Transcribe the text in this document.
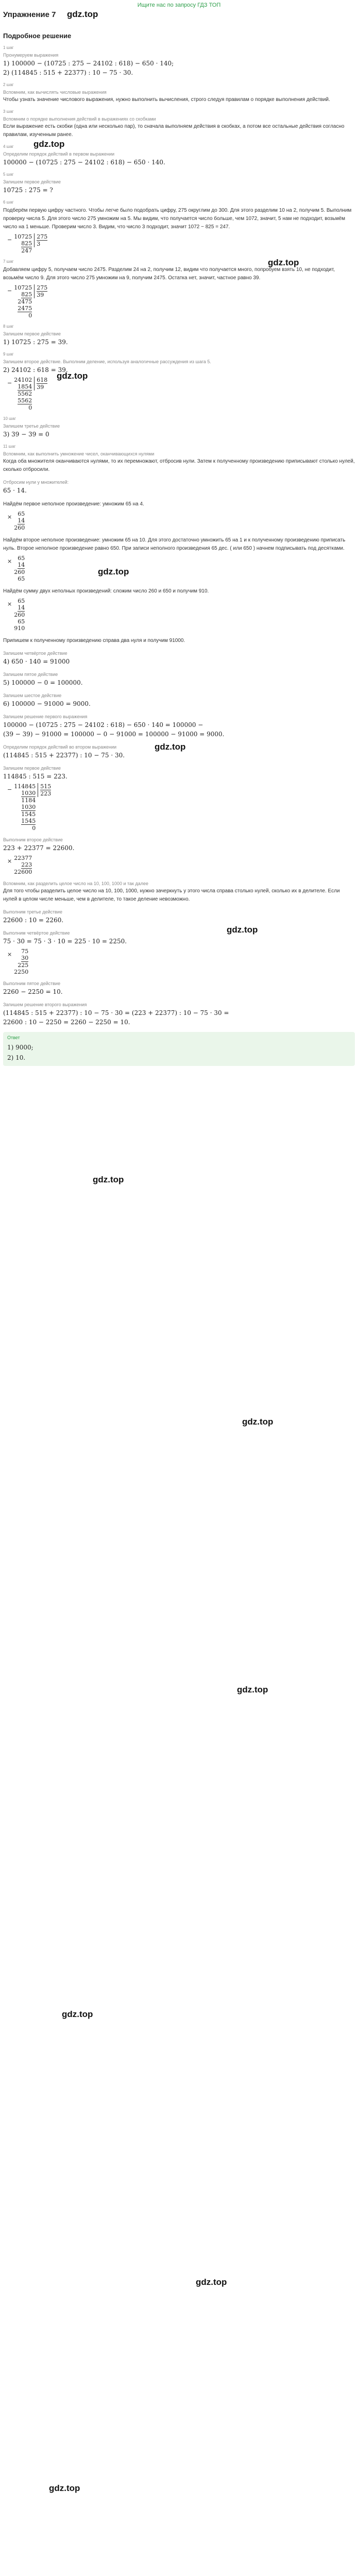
Ищите нас по запросу ГДЗ ТОП
Упражнение 7
Подробное решение
gdz.top
gdz.top
gdz.top
gdz.top
gdz.top
gdz.top
gdz.top
gdz.top
gdz.top
gdz.top
gdz.top
gdz.top
gdz.top
1 шаг
Пронумеруем выражения
1) 100000 − (10725 : 275 − 24102 : 618) − 650 · 140;
2) (114845 : 515 + 22377) : 10 − 75 · 30.
2 шаг
Вспомним, как вычислять числовые выражения
Чтобы узнать значение числового выражения, нужно выполнить вычисления, строго следуя правилам о порядке выполнения действий.
3 шаг
Вспомним о порядке выполнения действий в выражениях со скобками
Если выражение есть скобки (одна или несколько пар), то сначала выполняем действия в скобках, а потом все остальные действия согласно правилам, изученным ранее.
4 шаг
Определим порядок действий в первом выражении
100000 − (10725 : 275 − 24102 : 618) − 650 · 140.
5 шаг
Запишем первое действие
10725 : 275 = ?
6 шаг
Подберём первую цифру частного. Чтобы легче было подобрать цифру, 275 округлим до 300. Для этого разделим 10 на 2, получим 5. Выполним проверку числа 5. Для этого число 275 умножим на 5. Мы видим, что получается число больше, чем 1072, значит, 5 нам не подходит, возьмём число на 1 меньше. Проверим число 3. Видим, что число 3 подходит, значит 1072 − 825 = 247.
− 10725
825
247
275
3
7 шаг
Добавляем цифру 5, получаем число 2475. Разделим 24 на 2, получим 12, видим что получается много, попробуем взять 10, не подходит, возьмём число 9. Для этого число 275 умножим на 9, получим 2475. Остатка нет, значит, частное равно 39.
− 10725
825
2475
2475
0
275
39
8 шаг
Запишем первое действие
1) 10725 : 275 = 39.
9 шаг
Запишем второе действие. Выполним деление, используя аналогичные рассуждения из шага 5.
2) 24102 : 618 = 39.
− 24102
1854
5562
5562
0
618
39
10 шаг
Запишем третье действие
3) 39 − 39 = 0
11 шаг
Вспомним, как выполнить умножение чисел, оканчивающихся нулями
Когда оба множителя оканчиваются нулями, то их перемножают, отбросив нули. Затем к полученному произведению приписывают столько нулей, сколько отбросили.
Отбросим нули у множителей:
65 · 14.
Найдём первое неполное произведение: умножим 65 на 4.
× 65
14
260
Найдём второе неполное произведение: умножим 65 на 10. Для этого достаточно умножить 65 на 1 и к полученному произведению приписать нуль. Второе неполное произведение равно 650. При записи неполного произведения 65 дес. ( или 650 ) начнем подписывать под десятками.
× 65
14
260
65
Найдём сумму двух неполных произведений: сложим число 260 и 650 и получим 910.
× 65
14
260
65
910
Припишем к полученному произведению справа два нуля и получим 91000.
Запишем четвёртое действие
4) 650 · 140 = 91000
Запишем пятое действие
5) 100000 − 0 = 100000.
Запишем шестое действие
6) 100000 − 91000 = 9000.
Запишем решение первого выражения
100000 − (10725 : 275 − 24102 : 618) − 650 · 140 = 100000 −
(39 − 39) − 91000 = 100000 − 0 − 91000 = 100000 − 91000 = 9000.
Определим порядок действий во втором выражении
(114845 : 515 + 22377) : 10 − 75 · 30.
Запишем первое действие
114845 : 515 = 223.
− 114845
1030
1184
1030
1545
1545
0
515
223
Выполним второе действие
223 + 22377 = 22600.
× 22377
223
22600
Вспомним, как разделить целое число на 10, 100, 1000 и так далее
Для того чтобы разделить целое число на 10, 100, 1000, нужно зачеркнуть у этого числа справа столько нулей, сколько их в делителе. Если нулей в целом числе меньше, чем в делителе, то такое деление невозможно.
Выполним третье действие
22600 : 10 = 2260.
Выполним четвёртое действие
75 · 30 = 75 · 3 · 10 = 225 · 10 = 2250.
× 75
30
225
2250
Выполним пятое действие
2260 − 2250 = 10.
Запишем решение второго выражения
(114845 : 515 + 22377) : 10 − 75 · 30 = (223 + 22377) : 10 − 75 · 30 =
22600 : 10 − 2250 = 2260 − 2250 = 10.
Ответ
1) 9000;
2) 10.
